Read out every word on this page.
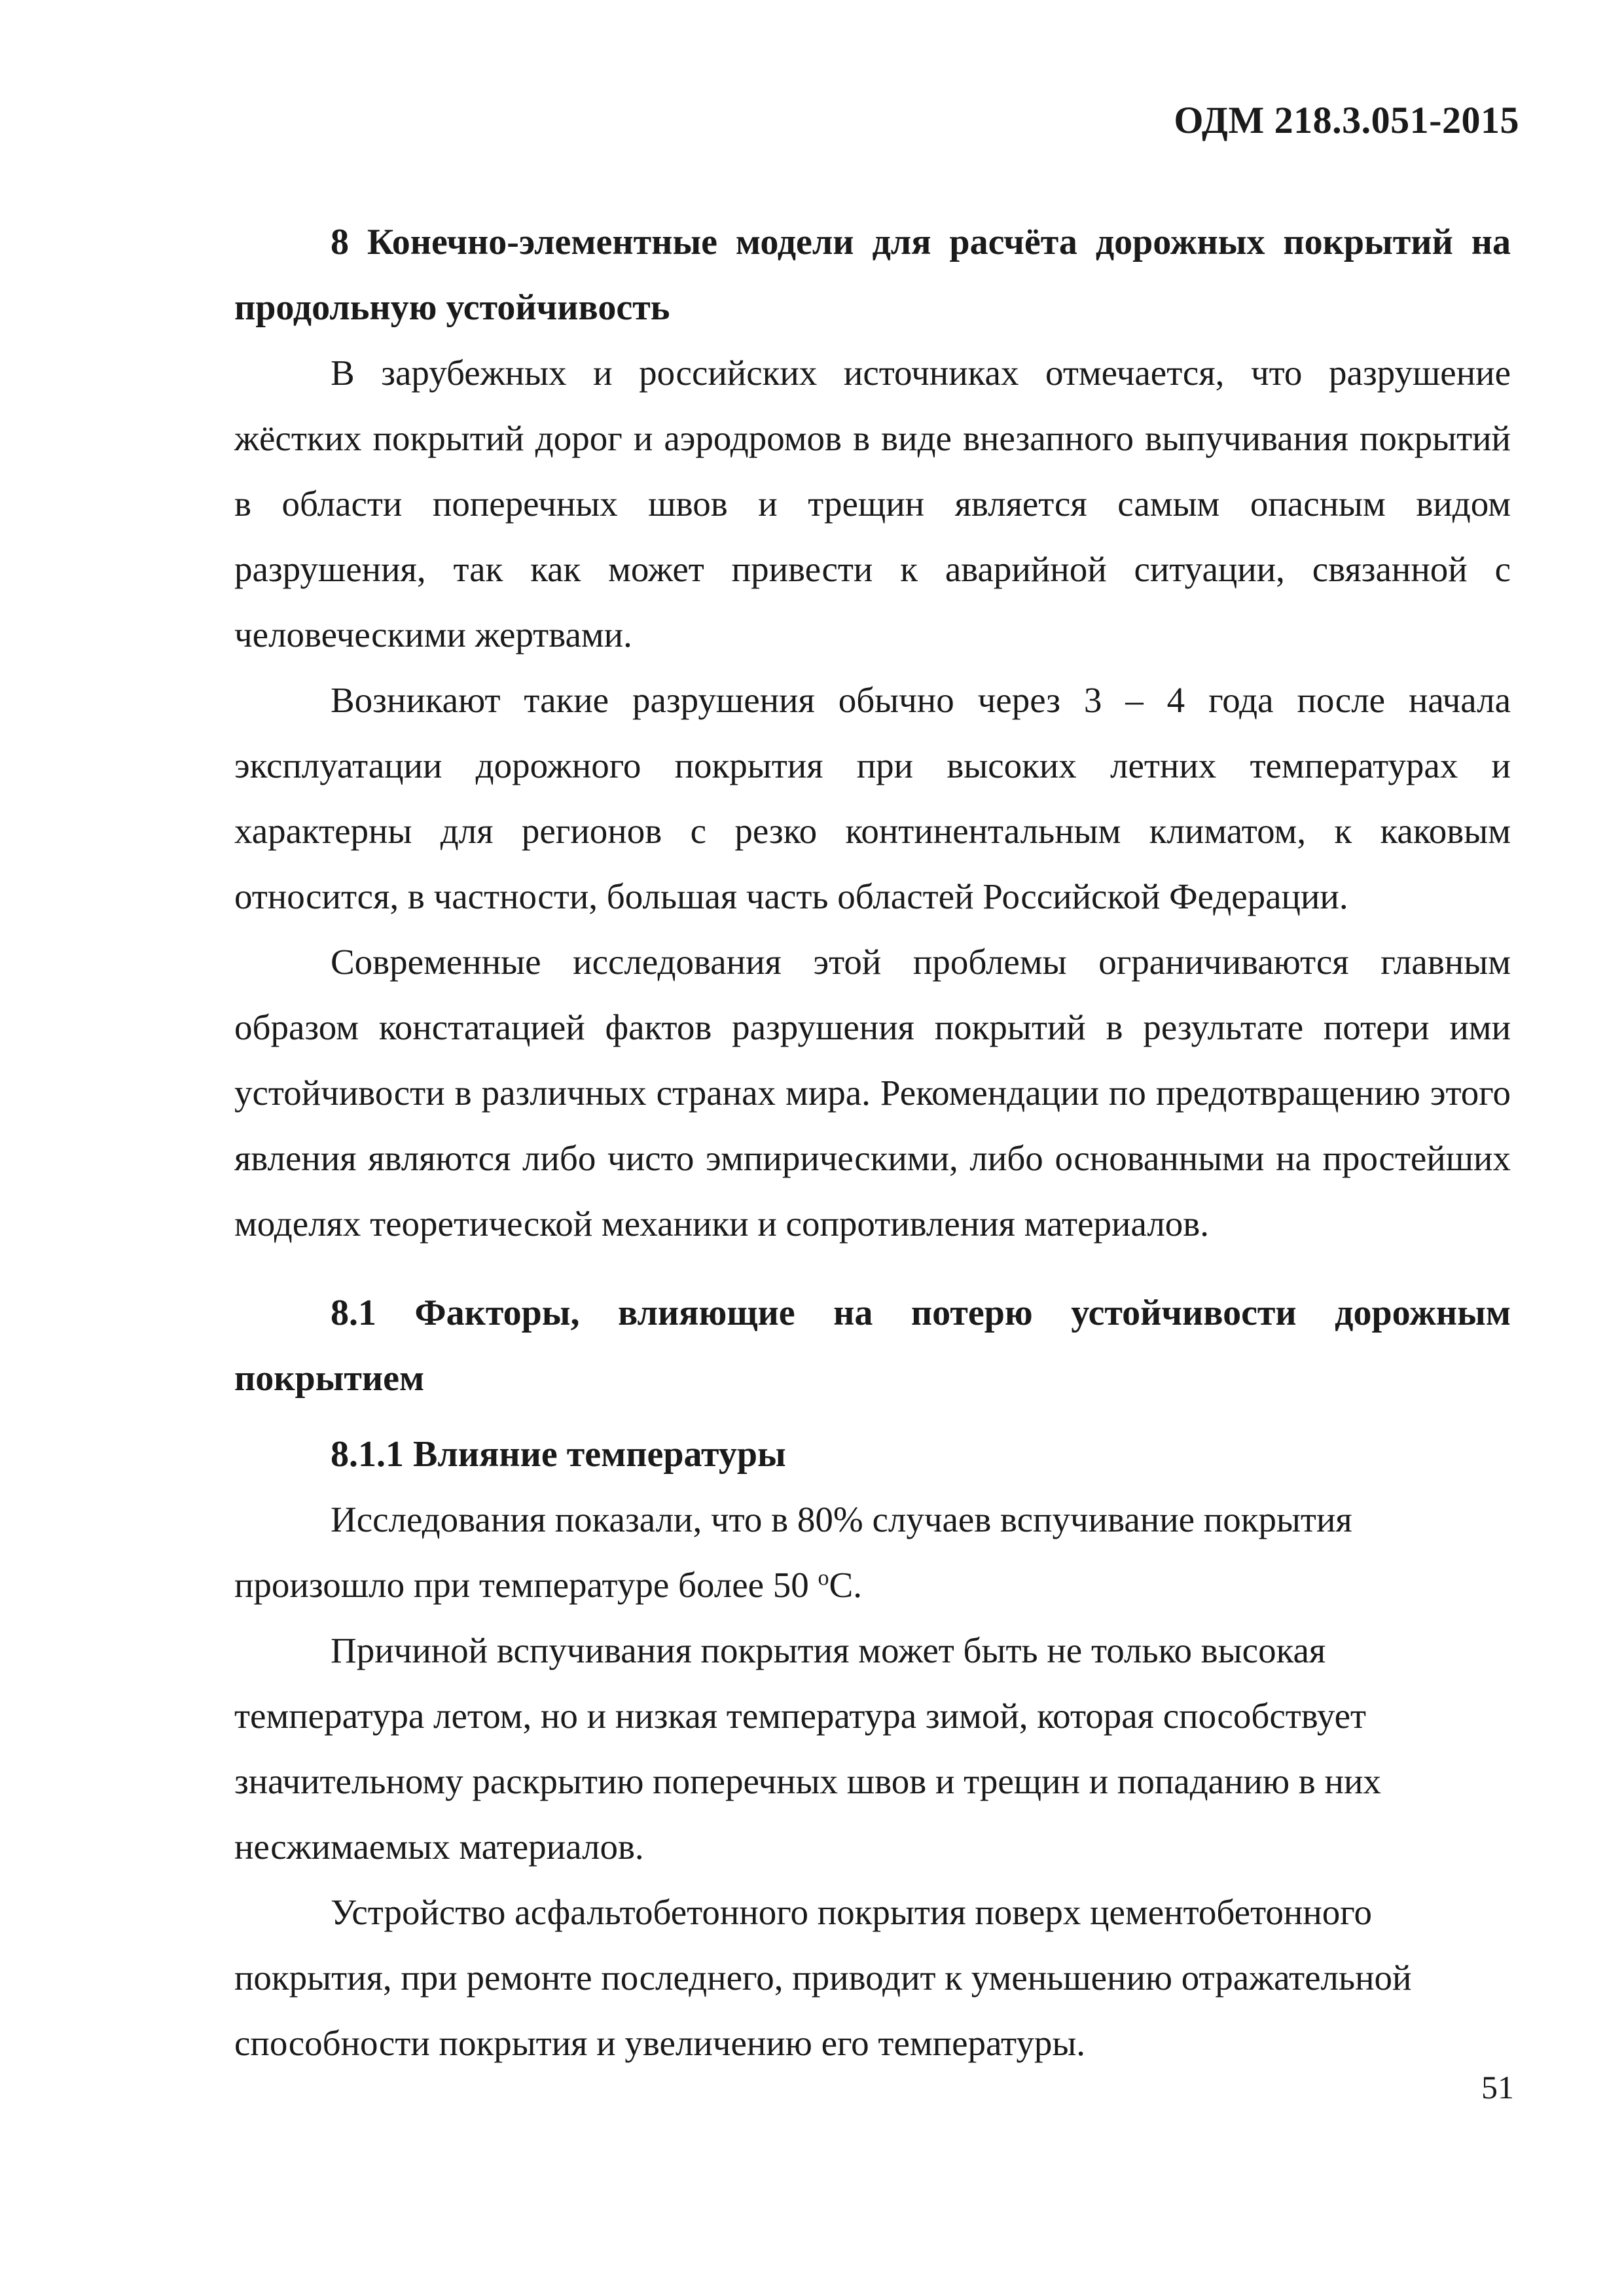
ОДМ 218.3.051-2015

8 Конечно-элементные модели для расчёта дорожных покрытий на продольную устойчивость

В зарубежных и российских источниках отмечается, что разрушение жёстких покрытий дорог и аэродромов в виде внезапного выпучивания покрытий в области поперечных швов и трещин является самым опасным видом разрушения, так как может привести к аварийной ситуации, связанной с человеческими жертвами.

Возникают такие разрушения обычно через 3 – 4 года после начала эксплуатации дорожного покрытия при высоких летних температурах и характерны для регионов с резко континентальным климатом, к каковым относится, в частности, большая часть областей Российской Федерации.

Современные исследования этой проблемы ограничиваются главным образом констатацией фактов разрушения покрытий в результате потери ими устойчивости в различных странах мира. Рекомендации по предотвращению этого явления являются либо чисто эмпирическими, либо основанными на простейших моделях теоретической механики и сопротивления материалов.

8.1 Факторы, влияющие на потерю устойчивости дорожным покрытием

8.1.1 Влияние температуры

Исследования показали, что в 80% случаев вспучивание покрытия произошло при температуре более 50 $^о$С.

Причиной вспучивания покрытия может быть не только высокая температура летом, но и низкая температура зимой, которая способствует значительному раскрытию поперечных швов и трещин и попаданию в них несжимаемых материалов.

Устройство асфальтобетонного покрытия поверх цементобетонного покрытия, при ремонте последнего, приводит к уменьшению отражательной способности покрытия и увеличению его температуры.

51
